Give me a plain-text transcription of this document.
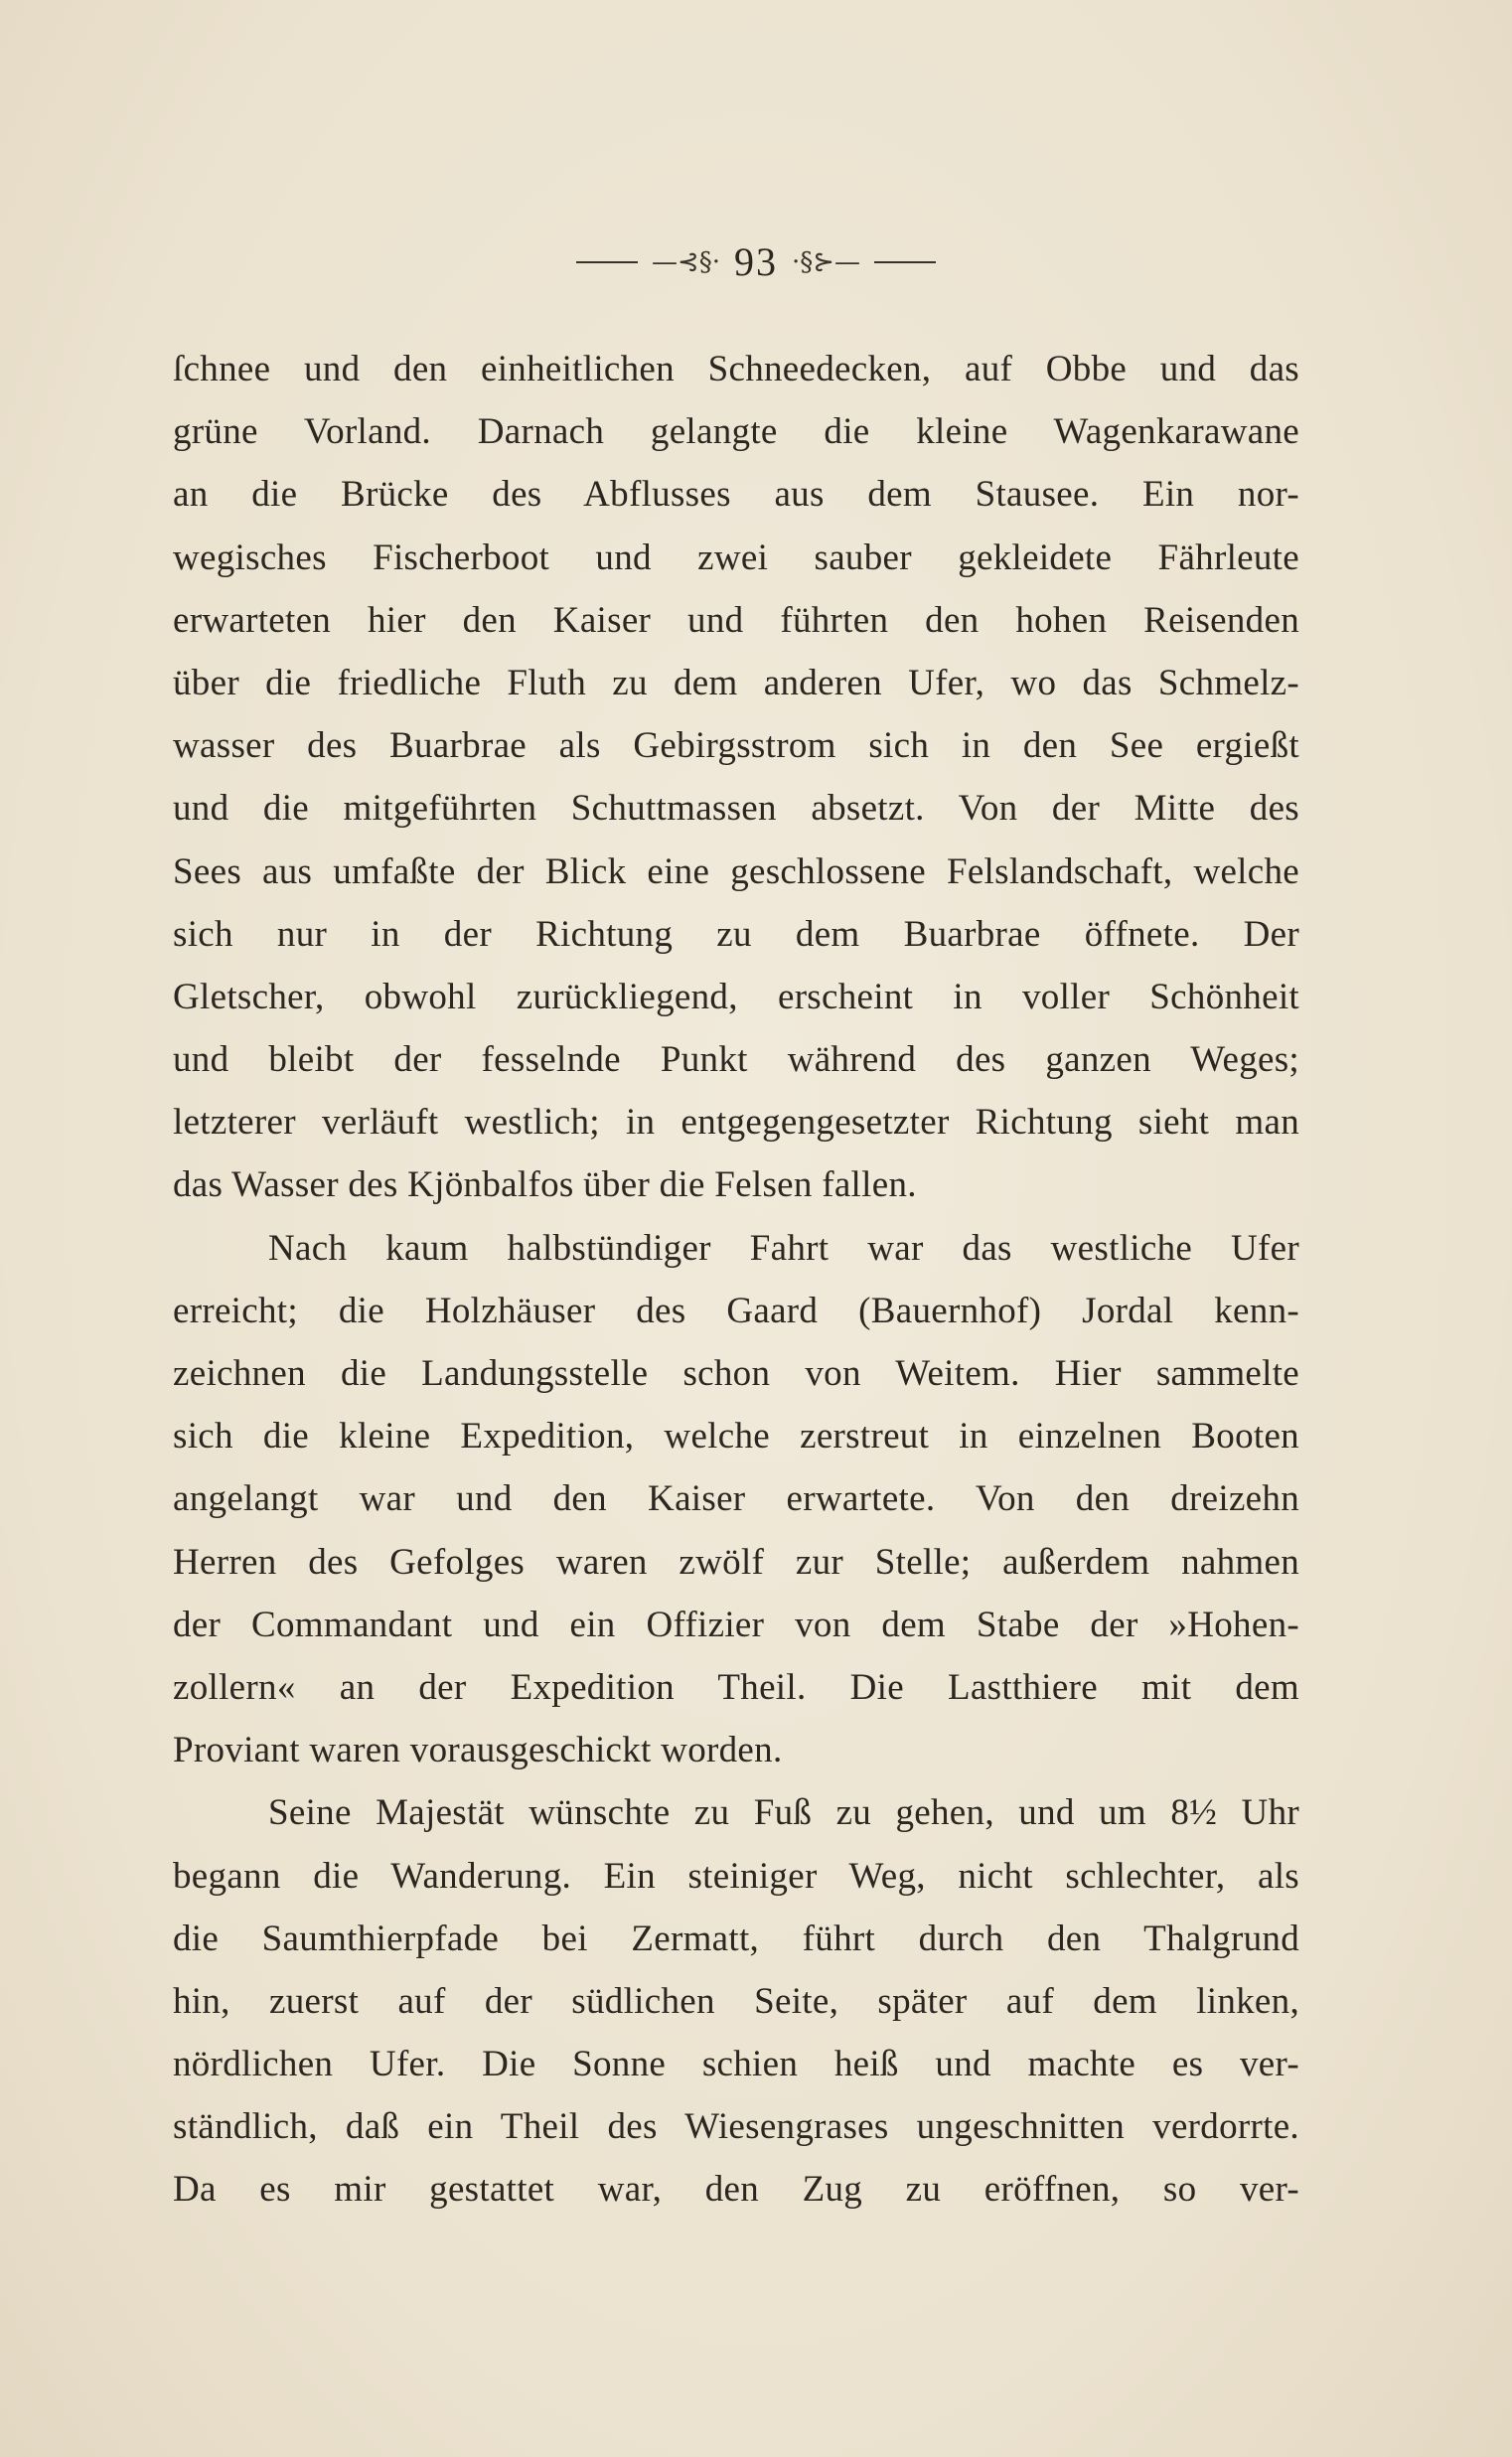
—⊰§· 93 ·§⊱—
ſchnee und den einheitlichen Schneedecken, auf Obbe und das
grüne Vorland. Darnach gelangte die kleine Wagenkarawane
an die Brücke des Abflusses aus dem Stausee. Ein nor-
wegisches Fischerboot und zwei sauber gekleidete Fährleute
erwarteten hier den Kaiser und führten den hohen Reisenden
über die friedliche Fluth zu dem anderen Ufer, wo das Schmelz-
wasser des Buarbrae als Gebirgsstrom sich in den See ergießt
und die mitgeführten Schuttmassen absetzt. Von der Mitte des
Sees aus umfaßte der Blick eine geschlossene Felslandschaft, welche
sich nur in der Richtung zu dem Buarbrae öffnete. Der
Gletscher, obwohl zurückliegend, erscheint in voller Schönheit
und bleibt der fesselnde Punkt während des ganzen Weges;
letzterer verläuft westlich; in entgegengesetzter Richtung sieht man
das Wasser des Kjönbalfos über die Felsen fallen.
Nach kaum halbstündiger Fahrt war das westliche Ufer
erreicht; die Holzhäuser des Gaard (Bauernhof) Jordal kenn-
zeichnen die Landungsstelle schon von Weitem. Hier sammelte
sich die kleine Expedition, welche zerstreut in einzelnen Booten
angelangt war und den Kaiser erwartete. Von den dreizehn
Herren des Gefolges waren zwölf zur Stelle; außerdem nahmen
der Commandant und ein Offizier von dem Stabe der »Hohen-
zollern« an der Expedition Theil. Die Lastthiere mit dem
Proviant waren vorausgeschickt worden.
Seine Majestät wünschte zu Fuß zu gehen, und um 8½ Uhr
begann die Wanderung. Ein steiniger Weg, nicht schlechter, als
die Saumthierpfade bei Zermatt, führt durch den Thalgrund
hin, zuerst auf der südlichen Seite, später auf dem linken,
nördlichen Ufer. Die Sonne schien heiß und machte es ver-
ständlich, daß ein Theil des Wiesengrases ungeschnitten verdorrte.
Da es mir gestattet war, den Zug zu eröffnen, so ver-
